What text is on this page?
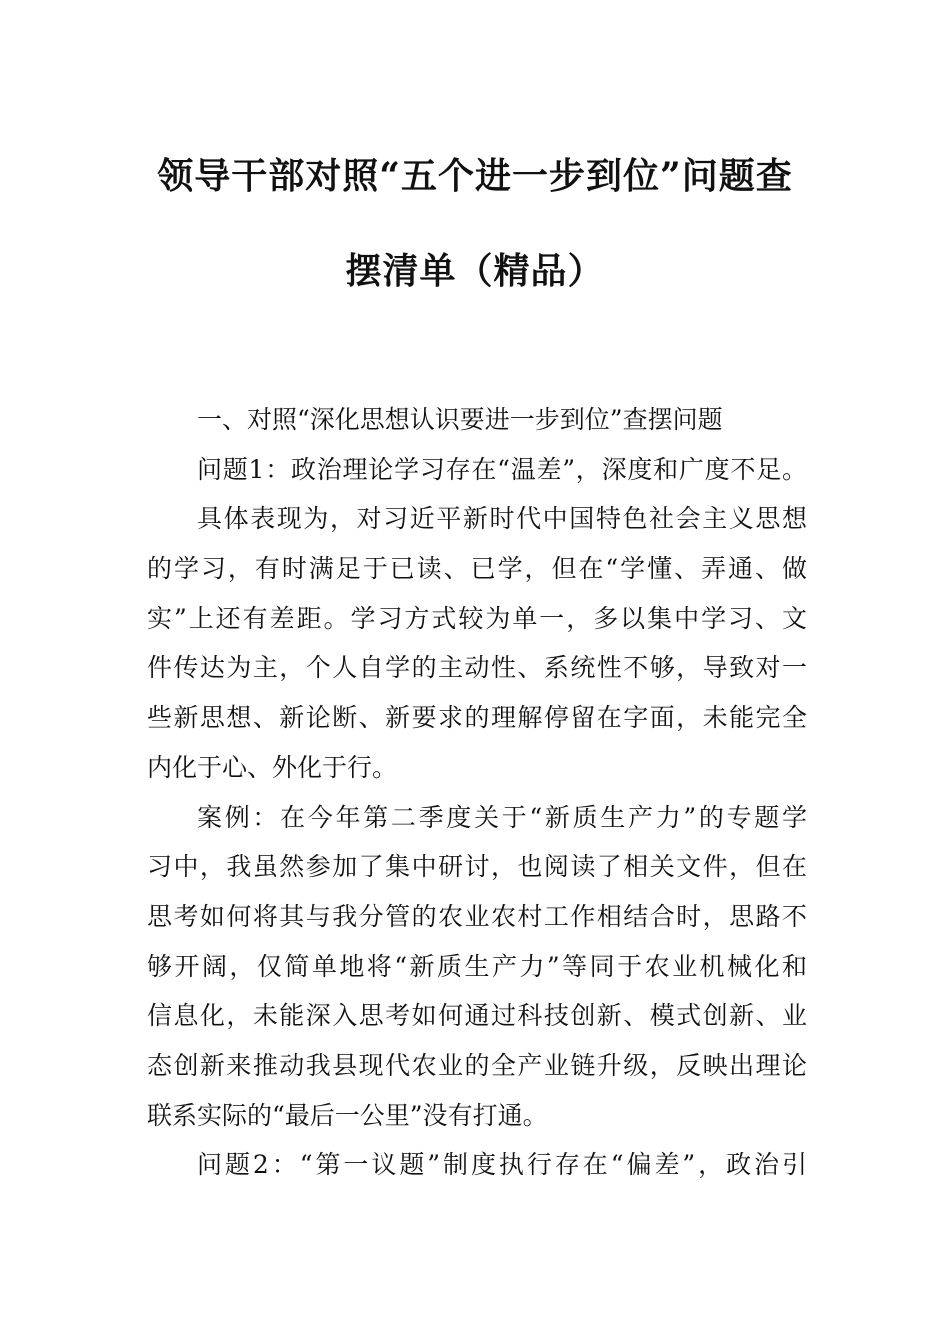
领导干部对照“五个进一步到位”问题查
摆清单（精品）
一、对照“深化思想认识要进一步到位”查摆问题
问题1：政治理论学习存在“温差”，深度和广度不足。
具体表现为，对习近平新时代中国特色社会主义思想
的学习，有时满足于已读、已学，但在“学懂、弄通、做
实”上还有差距。学习方式较为单一，多以集中学习、文
件传达为主，个人自学的主动性、系统性不够，导致对一
些新思想、新论断、新要求的理解停留在字面，未能完全
内化于心、外化于行。
案例：在今年第二季度关于“新质生产力”的专题学
习中，我虽然参加了集中研讨，也阅读了相关文件，但在
思考如何将其与我分管的农业农村工作相结合时，思路不
够开阔，仅简单地将“新质生产力”等同于农业机械化和
信息化，未能深入思考如何通过科技创新、模式创新、业
态创新来推动我县现代农业的全产业链升级，反映出理论
联系实际的“最后一公里”没有打通。
问题2：“第一议题”制度执行存在“偏差”，政治引
